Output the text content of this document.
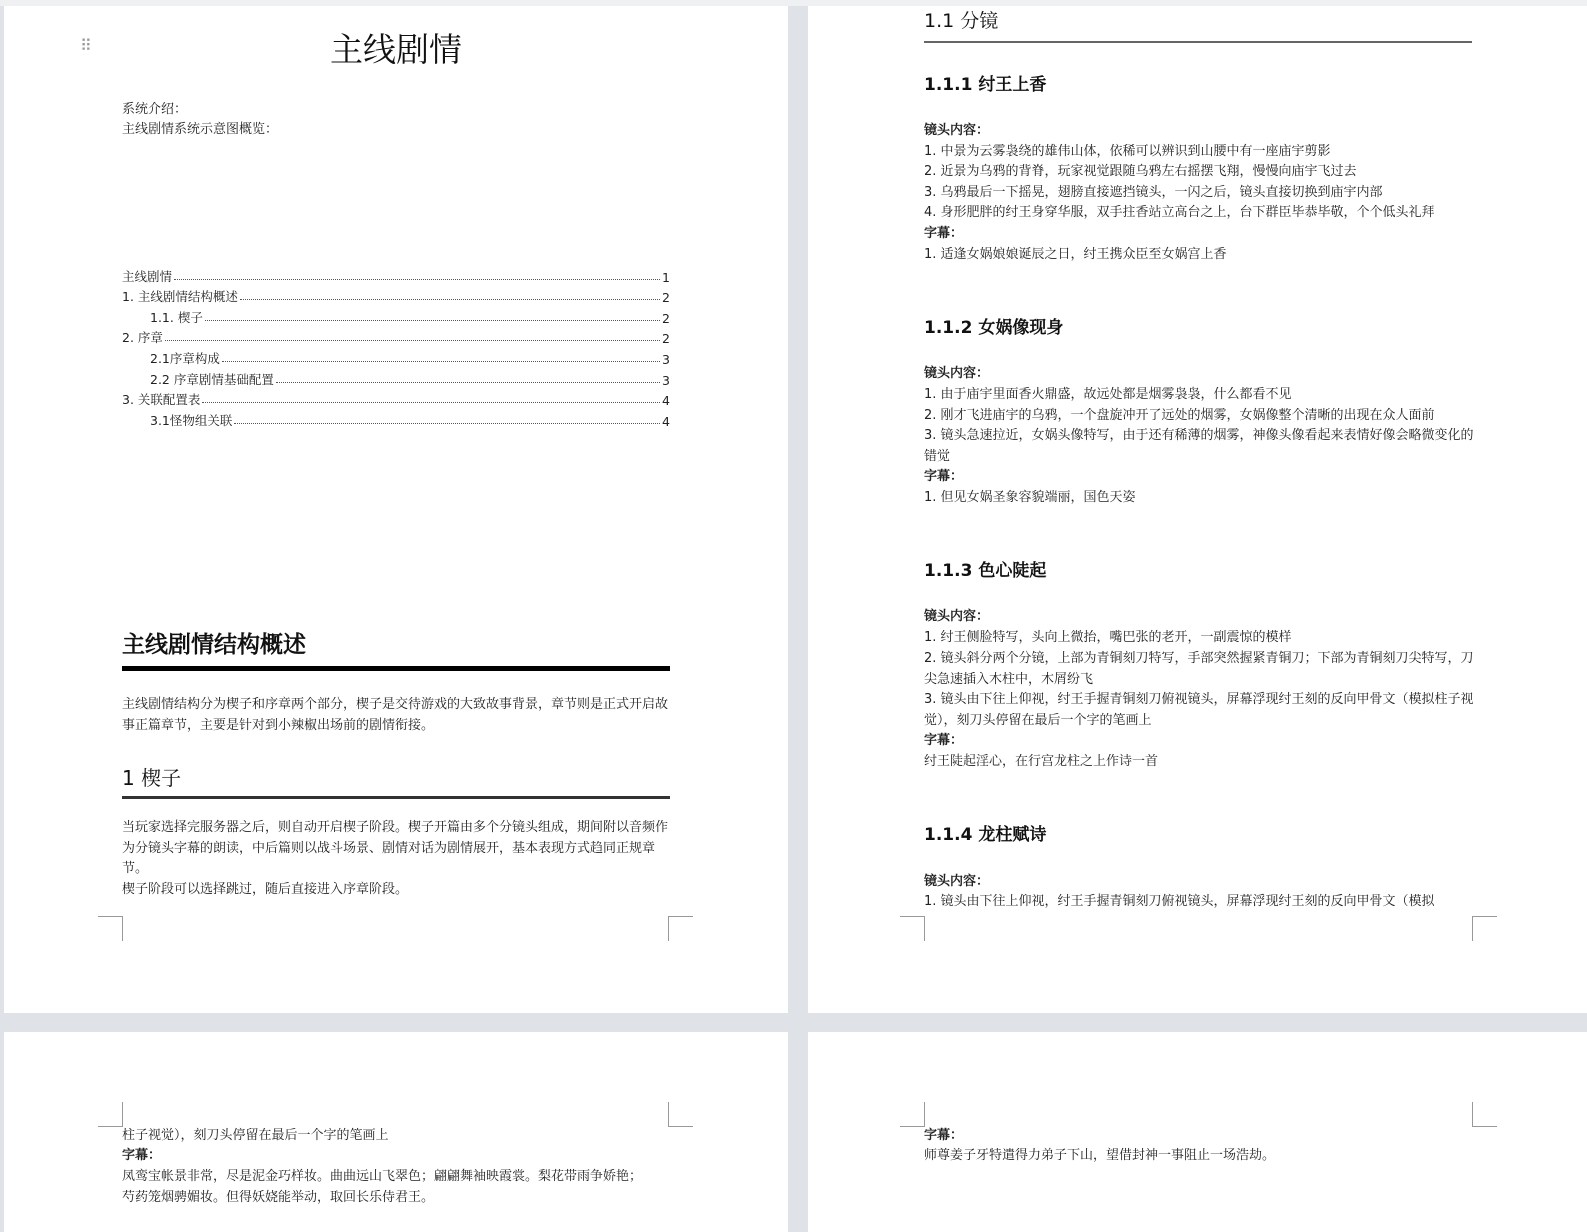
⠿	主线剧情
系统介绍：
主线剧情系统示意图概览：
主线剧情	1
1. 主线剧情结构概述	2
1.1. 楔子	2
2. 序章	2
2.1序章构成	3
2.2 序章剧情基础配置	3
3. 关联配置表	4
3.1怪物组关联	4
主线剧情结构概述
主线剧情结构分为楔子和序章两个部分，楔子是交待游戏的大致故事背景，章节则是正式开启故事正篇章节，主要是针对到小辣椒出场前的剧情衔接。
1 楔子
当玩家选择完服务器之后，则自动开启楔子阶段。楔子开篇由多个分镜头组成，期间附以音频作为分镜头字幕的朗读，中后篇则以战斗场景、剧情对话为剧情展开，基本表现方式趋同正规章节。
楔子阶段可以选择跳过，随后直接进入序章阶段。
1.1 分镜
1.1.1 纣王上香
镜头内容：
1. 中景为云雾袅绕的雄伟山体，依稀可以辨识到山腰中有一座庙宇剪影
2. 近景为乌鸦的背脊，玩家视觉跟随乌鸦左右摇摆飞翔，慢慢向庙宇飞过去
3. 乌鸦最后一下摇晃，翅膀直接遮挡镜头，一闪之后，镜头直接切换到庙宇内部
4. 身形肥胖的纣王身穿华服，双手拄香站立高台之上，台下群臣毕恭毕敬，个个低头礼拜
字幕：
1. 适逢女娲娘娘诞辰之日，纣王携众臣至女娲宫上香
1.1.2 女娲像现身
镜头内容：
1. 由于庙宇里面香火鼎盛，故远处都是烟雾袅袅，什么都看不见
2. 刚才飞进庙宇的乌鸦，一个盘旋冲开了远处的烟雾，女娲像整个清晰的出现在众人面前
3. 镜头急速拉近，女娲头像特写，由于还有稀薄的烟雾，神像头像看起来表情好像会略微变化的错觉
字幕：
1. 但见女娲圣象容貌端丽，国色天姿
1.1.3 色心陡起
镜头内容：
1. 纣王侧脸特写，头向上微抬，嘴巴张的老开，一副震惊的模样
2. 镜头斜分两个分镜，上部为青铜刻刀特写，手部突然握紧青铜刀；下部为青铜刻刀尖特写，刀尖急速插入木柱中，木屑纷飞
3. 镜头由下往上仰视，纣王手握青铜刻刀俯视镜头，屏幕浮现纣王刻的反向甲骨文（模拟柱子视觉），刻刀头停留在最后一个字的笔画上
字幕：
纣王陡起淫心，在行宫龙柱之上作诗一首
1.1.4 龙柱赋诗
镜头内容：
1. 镜头由下往上仰视，纣王手握青铜刻刀俯视镜头，屏幕浮现纣王刻的反向甲骨文（模拟
柱子视觉），刻刀头停留在最后一个字的笔画上
字幕：
凤鸾宝帐景非常，尽是泥金巧样妆。曲曲远山飞翠色；翩翩舞袖映霞裳。梨花带雨争娇艳；
芍药笼烟骋媚妆。但得妖娆能举动，取回长乐侍君王。
字幕：
师尊姜子牙特遣得力弟子下山，望借封神一事阻止一场浩劫。
